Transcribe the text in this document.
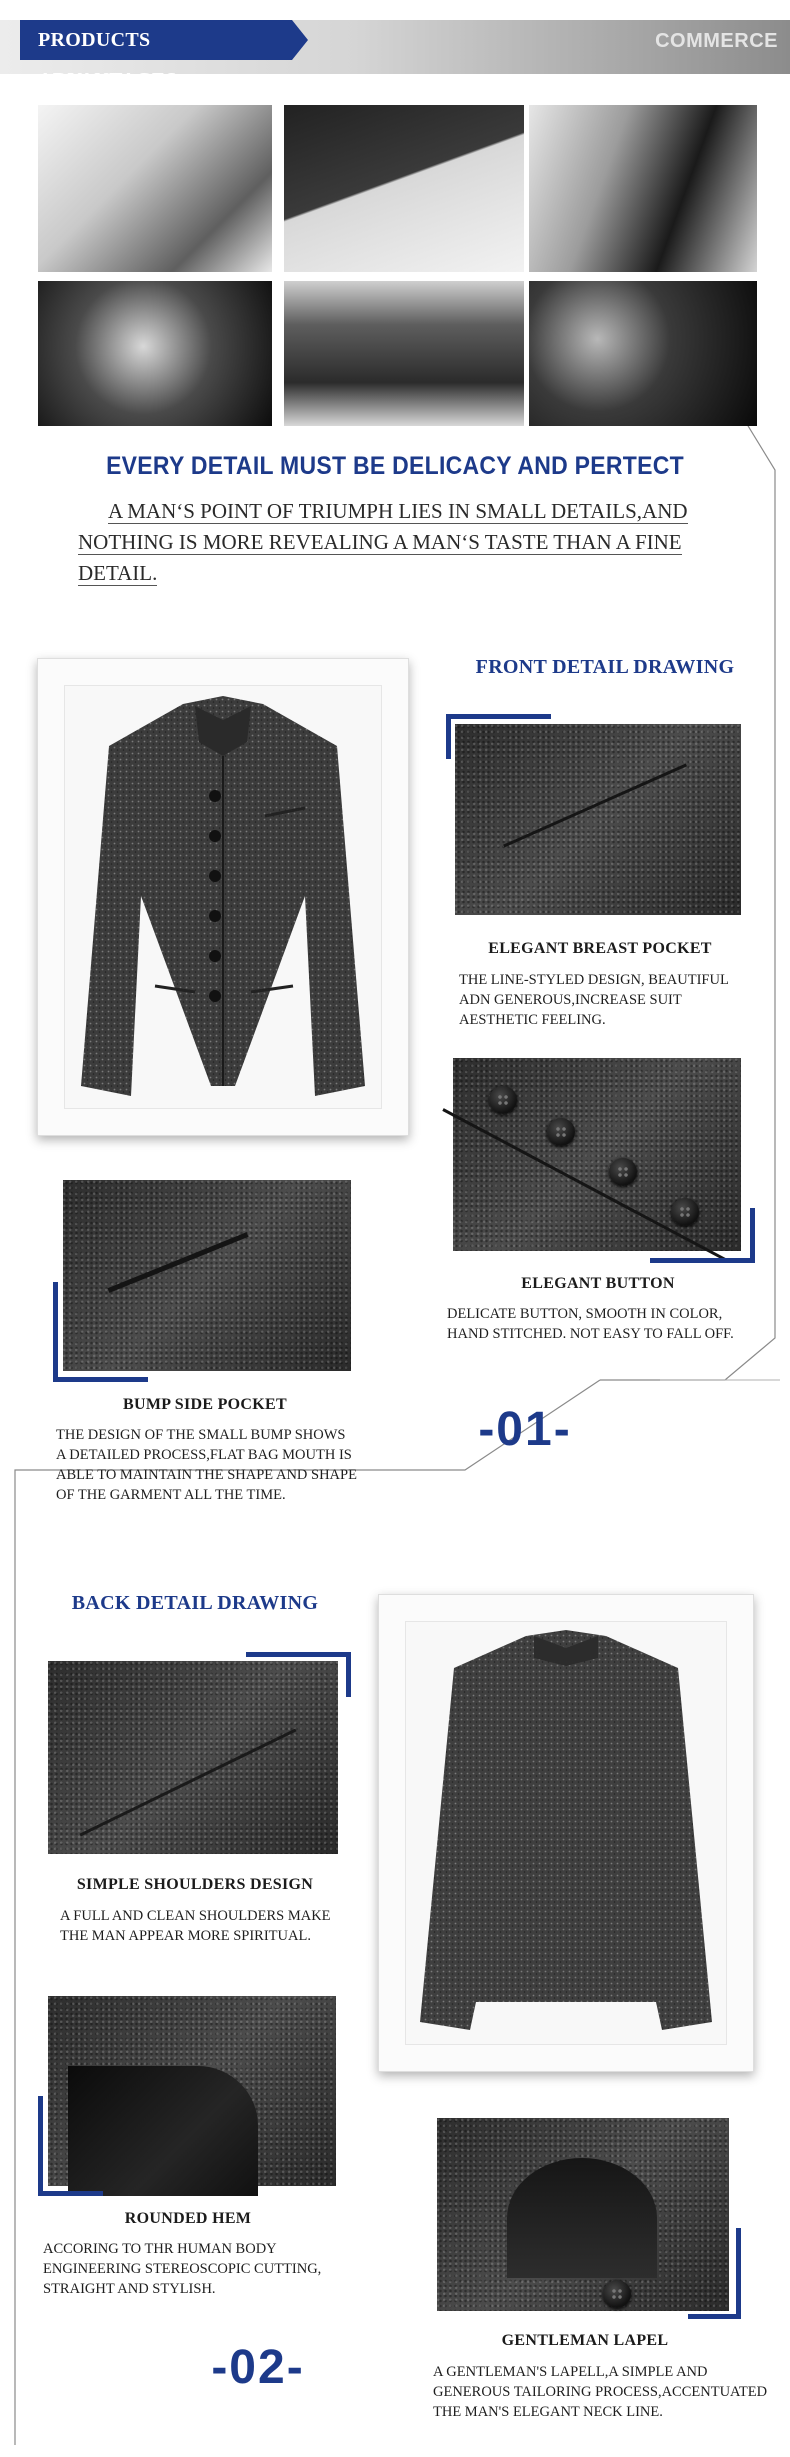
PRODUCTS ADVANTAGES
COMMERCE
EVERY DETAIL MUST BE DELICACY AND PERTECT
A MAN‘S POINT OF TRIUMPH LIES IN SMALL DETAILS,AND
NOTHING IS MORE REVEALING A MAN‘S TASTE THAN A FINE
DETAIL.
FRONT DETAIL DRAWING
ELEGANT BREAST POCKET
THE LINE-STYLED DESIGN, BEAUTIFUL
ADN GENEROUS,INCREASE SUIT
AESTHETIC FEELING.
ELEGANT BUTTON
DELICATE BUTTON, SMOOTH IN COLOR,
HAND STITCHED. NOT EASY TO FALL OFF.
BUMP SIDE POCKET
THE DESIGN OF THE SMALL BUMP SHOWS
A DETAILED PROCESS,FLAT BAG MOUTH IS
ABLE TO MAINTAIN THE SHAPE AND SHAPE
OF THE GARMENT ALL THE TIME.
-01-
BACK DETAIL DRAWING
SIMPLE SHOULDERS DESIGN
A FULL AND CLEAN SHOULDERS MAKE
THE MAN APPEAR MORE SPIRITUAL.
ROUNDED HEM
ACCORING TO THR HUMAN BODY
ENGINEERING STEREOSCOPIC CUTTING,
STRAIGHT AND STYLISH.
GENTLEMAN LAPEL
A GENTLEMAN'S LAPELL,A SIMPLE AND
GENEROUS TAILORING PROCESS,ACCENTUATED
THE MAN'S ELEGANT NECK LINE.
-02-
